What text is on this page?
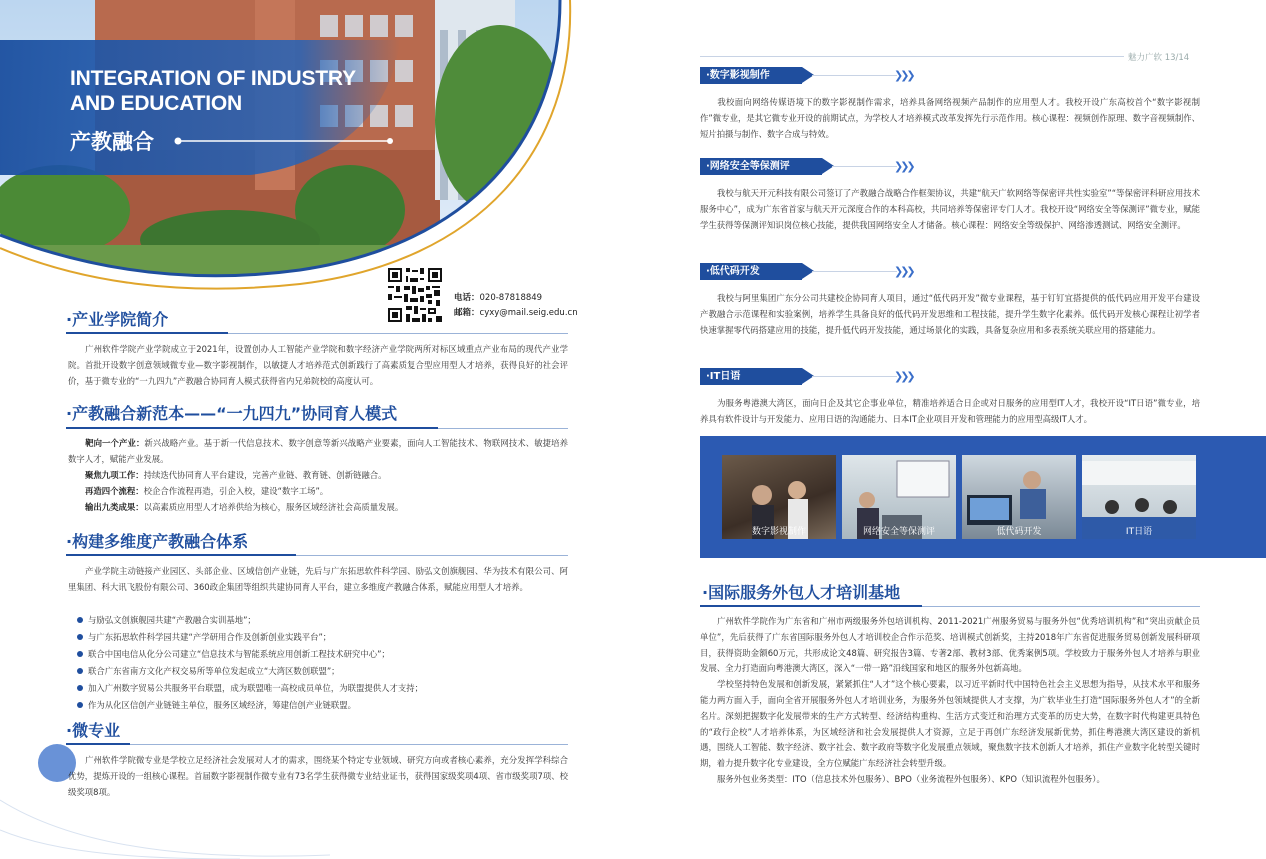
INTEGRATION OF INDUSTRY
AND EDUCATION
产教融合
电话：020-87818849
邮箱：cyxy@mail.seig.edu.cn
·产业学院简介
广州软件学院产业学院成立于2021年，设置创办人工智能产业学院和数字经济产业学院两所对标区域重点产业布局的现代产业学院。首批开设数字创意领域微专业—数字影视制作，以敏捷人才培养范式创新践行了高素质复合型应用型人才培养，获得良好的社会评价，基于微专业的“一九四九”产教融合协同育人模式获得省内兄弟院校的高度认可。
·产教融合新范本——“一九四九”协同育人模式
靶向一个产业：新兴战略产业。基于新一代信息技术、数字创意等新兴战略产业要素，面向人工智能技术、物联网技术、敏捷培养数字人才，赋能产业发展。
聚焦九项工作：持续迭代协同育人平台建设，完善产业链、教育链、创新链融合。
再造四个流程：校企合作流程再造，引企入校，建设“数字工场”。
输出九类成果：以高素质应用型人才培养供给为核心，服务区域经济社会高质量发展。
·构建多维度产教融合体系
产业学院主动链接产业园区、头部企业、区域信创产业链，先后与广东拓思软件科学园、励弘文创旗舰园、华为技术有限公司、阿里集团、科大讯飞股份有限公司、360政企集团等组织共建协同育人平台，建立多维度产教融合体系，赋能应用型人才培养。
与励弘文创旗舰园共建“产教融合实训基地”；
与广东拓思软件科学园共建“产学研用合作及创新创业实践平台”；
联合中国电信从化分公司建立“信息技术与智能系统应用创新工程技术研究中心”；
联合广东省南方文化产权交易所等单位发起成立“大湾区数创联盟”；
加入广州数字贸易公共服务平台联盟，成为联盟唯一高校成员单位，为联盟提供人才支持；
作为从化区信创产业链链主单位，服务区域经济，筹建信创产业链联盟。
·微专业
广州软件学院微专业是学校立足经济社会发展对人才的需求，围绕某个特定专业领域、研究方向或者核心素养，充分发挥学科综合优势，提炼开设的一组核心课程。首届数字影视制作微专业有73名学生获得微专业结业证书，获得国家级奖项4项、省市级奖项7项、校级奖项8项。
魅力广软 13/14
·数字影视制作	❯❯❯
我校面向网络传媒语境下的数字影视制作需求，培养具备网络视频产品制作的应用型人才。我校开设广东高校首个“数字影视制作”微专业，是其它微专业开设的前期试点，为学校人才培养模式改革发挥先行示范作用。核心课程：视频创作原理、数字音视频制作、短片拍摄与制作、数字合成与特效。
·网络安全等保测评	❯❯❯
我校与航天开元科技有限公司签订了产教融合战略合作框架协议，共建“航天广软网络等保密评共性实验室”“等保密评科研应用技术服务中心”，成为广东省首家与航天开元深度合作的本科高校，共同培养等保密评专门人才。我校开设“网络安全等保测评”微专业，赋能学生获得等保测评知识岗位核心技能，提供我国网络安全人才储备。核心课程：网络安全等级保护、网络渗透测试、网络安全测评。
·低代码开发	❯❯❯
我校与阿里集团广东分公司共建校企协同育人项目，通过“低代码开发”微专业课程，基于钉钉宜搭提供的低代码应用开发平台建设产教融合示范课程和实验案例，培养学生具备良好的低代码开发思维和工程技能，提升学生数字化素养。低代码开发核心课程让初学者快速掌握零代码搭建应用的技能，提升低代码开发技能，通过场景化的实践，具备复杂应用和多表系统关联应用的搭建能力。
·IT日语	❯❯❯
为服务粤港澳大湾区，面向日企及其它企事业单位，精准培养适合日企或对日服务的应用型IT人才，我校开设“IT日语”微专业，培养具有软件设计与开发能力、应用日语的沟通能力、日本IT企业项目开发和管理能力的应用型高级IT人才。
数字影视制作	网络安全等保测评	低代码开发	IT日语
·国际服务外包人才培训基地
广州软件学院作为广东省和广州市两级服务外包培训机构、2011-2021广州服务贸易与服务外包“优秀培训机构”和“突出贡献企员单位”，先后获得了广东省国际服务外包人才培训校企合作示范奖、培训模式创新奖，主持2018年广东省促进服务贸易创新发展科研项目，获得资助金额60万元，共形成论文48篇、研究报告3篇、专著2部、教材3部、优秀案例5项。学校致力于服务外包人才培养与职业发展、全力打造面向粤港澳大湾区，深入“一带一路”沿线国家和地区的服务外包新高地。
学校坚持特色发展和创新发展，紧紧抓住“人才”这个核心要素，以习近平新时代中国特色社会主义思想为指导，从技术水平和服务能力两方面入手，面向全省开展服务外包人才培训业务，为服务外包领域提供人才支撑，为广软毕业生打造“国际服务外包人才”的全新名片。深刻把握数字化发展带来的生产方式转型、经济结构重构、生活方式变迁和治理方式变革的历史大势，在数字时代构建更具特色的“政行企校”人才培养体系，为区域经济和社会发展提供人才资源，立足于再创广东经济发展新优势，抓住粤港澳大湾区建设的新机遇，围绕人工智能、数字经济、数字社会、数字政府等数字化发展重点领域，聚焦数字技术创新人才培养，抓住产业数字化转型关键时期，着力提升数字化专业建设，全方位赋能广东经济社会转型升级。
服务外包业务类型：ITO（信息技术外包服务）、BPO（业务流程外包服务）、KPO（知识流程外包服务）。
